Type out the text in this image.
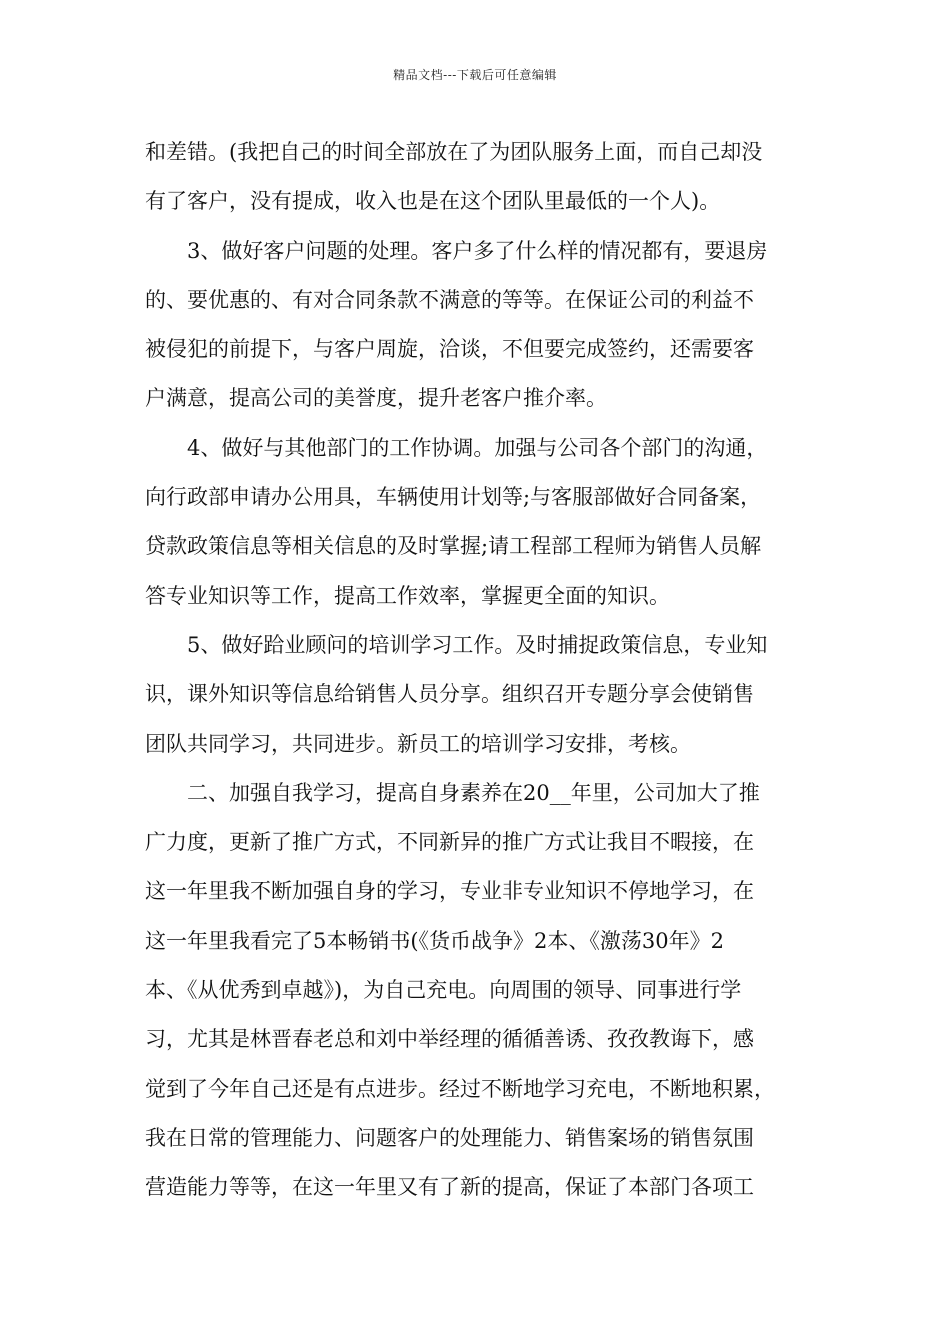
精品文档---下载后可任意编辑
和差错。(我把自己的时间全部放在了为团队服务上面，而自己却没
有了客户，没有提成，收入也是在这个团队里最低的一个人)。
3、做好客户问题的处理。客户多了什么样的情况都有，要退房
的、要优惠的、有对合同条款不满意的等等。在保证公司的利益不
被侵犯的前提下，与客户周旋，洽谈，不但要完成签约，还需要客
户满意，提高公司的美誉度，提升老客户推介率。
4、做好与其他部门的工作协调。加强与公司各个部门的沟通，
向行政部申请办公用具，车辆使用计划等;与客服部做好合同备案，
贷款政策信息等相关信息的及时掌握;请工程部工程师为销售人员解
答专业知识等工作，提高工作效率，掌握更全面的知识。
5、做好跲业顾问的培训学习工作。及时捕捉政策信息，专业知
识，课外知识等信息给销售人员分享。组织召开专题分享会使销售
团队共同学习，共同进步。新员工的培训学习安排，考核。
二、加强自我学习，提高自身素养在20__年里，公司加大了推
广力度，更新了推广方式，不同新异的推广方式让我目不暇接，在
这一年里我不断加强自身的学习，专业非专业知识不停地学习，在
这一年里我看完了5本畅销书(《货币战争》2本、《激荡30年》2
本、《从优秀到卓越》)，为自己充电。向周围的领导、同事进行学
习，尤其是林晋春老总和刘中举经理的循循善诱、孜孜教诲下，感
觉到了今年自己还是有点进步。经过不断地学习充电，不断地积累，
我在日常的管理能力、问题客户的处理能力、销售案场的销售氛围
营造能力等等，在这一年里又有了新的提高，保证了本部门各项工
